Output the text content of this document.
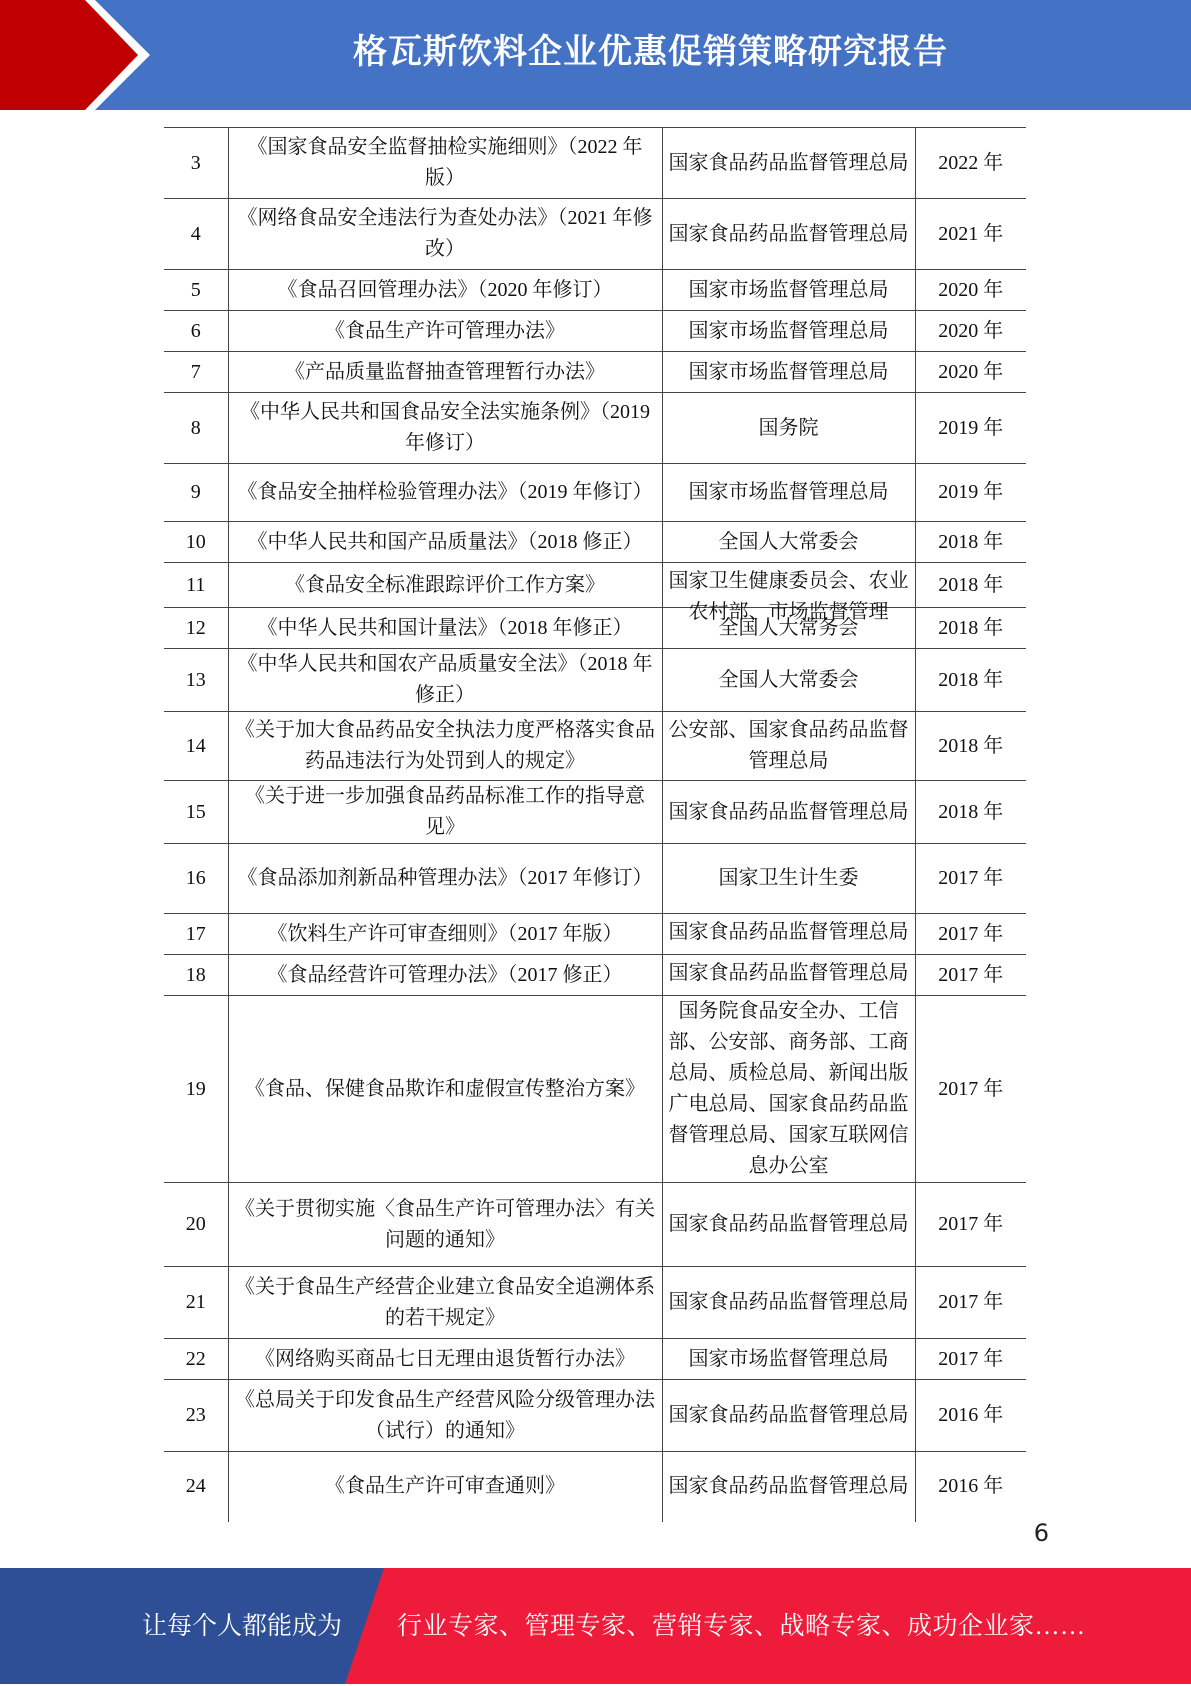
格瓦斯饮料企业优惠促销策略研究报告
3	《国家食品安全监督抽检实施细则》（2022 年版）	国家食品药品监督管理总局	2022 年
4	《网络食品安全违法行为查处办法》（2021 年修改）	国家食品药品监督管理总局	2021 年
5	《食品召回管理办法》（2020 年修订）	国家市场监督管理总局	2020 年
6	《食品生产许可管理办法》	国家市场监督管理总局	2020 年
7	《产品质量监督抽查管理暂行办法》	国家市场监督管理总局	2020 年
8	《中华人民共和国食品安全法实施条例》（2019 年修订）	国务院	2019 年
9	《食品安全抽样检验管理办法》（2019 年修订）	国家市场监督管理总局	2019 年
10	《中华人民共和国产品质量法》（2018 修正）	全国人大常委会	2018 年
11	《食品安全标准跟踪评价工作方案》	国家卫生健康委员会、农业农村部、市场监督管理	2018 年
12	《中华人民共和国计量法》（2018 年修正）	全国人大常务会	2018 年
13	《中华人民共和国农产品质量安全法》（2018 年修正）	全国人大常委会	2018 年
14	《关于加大食品药品安全执法力度严格落实食品药品违法行为处罚到人的规定》	公安部、国家食品药品监督管理总局	2018 年
15	《关于进一步加强食品药品标准工作的指导意见》	国家食品药品监督管理总局	2018 年
16	《食品添加剂新品种管理办法》（2017 年修订）	国家卫生计生委	2017 年
17	《饮料生产许可审查细则》（2017 年版）	国家食品药品监督管理总局	2017 年
18	《食品经营许可管理办法》（2017 修正）	国家食品药品监督管理总局	2017 年
19	《食品、保健食品欺诈和虚假宣传整治方案》	国务院食品安全办、工信部、公安部、商务部、工商总局、质检总局、新闻出版广电总局、国家食品药品监督管理总局、国家互联网信息办公室	2017 年
20	《关于贯彻实施〈食品生产许可管理办法〉有关问题的通知》	国家食品药品监督管理总局	2017 年
21	《关于食品生产经营企业建立食品安全追溯体系的若干规定》	国家食品药品监督管理总局	2017 年
22	《网络购买商品七日无理由退货暂行办法》	国家市场监督管理总局	2017 年
23	《总局关于印发食品生产经营风险分级管理办法（试行）的通知》	国家食品药品监督管理总局	2016 年
24	《食品生产许可审查通则》	国家食品药品监督管理总局	2016 年
6
让每个人都能成为 行业专家、管理专家、营销专家、战略专家、成功企业家……
